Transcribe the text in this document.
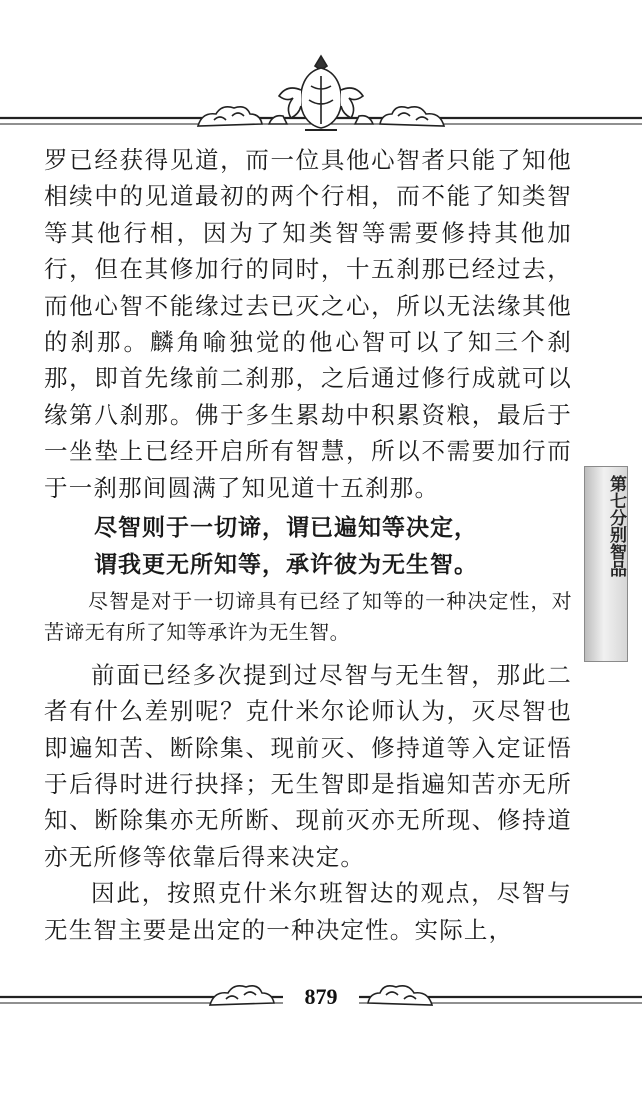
罗已经获得见道，而一位具他心智者只能了知他相续中的见道最初的两个行相，而不能了知类智等其他行相，因为了知类智等需要修持其他加行，但在其修加行的同时，十五刹那已经过去，而他心智不能缘过去已灭之心，所以无法缘其他的刹那。麟角喻独觉的他心智可以了知三个刹那，即首先缘前二刹那，之后通过修行成就可以缘第八刹那。佛于多生累劫中积累资粮，最后于一坐垫上已经开启所有智慧，所以不需要加行而于一刹那间圆满了知见道十五刹那。

尽智则于一切谛，谓已遍知等决定，

谓我更无所知等，承许彼为无生智。

尽智是对于一切谛具有已经了知等的一种决定性，对苦谛无有所了知等承许为无生智。

前面已经多次提到过尽智与无生智，那此二者有什么差别呢？克什米尔论师认为，灭尽智也即遍知苦、断除集、现前灭、修持道等入定证悟于后得时进行抉择；无生智即是指遍知苦亦无所知、断除集亦无所断、现前灭亦无所现、修持道亦无所修等依靠后得来决定。

因此，按照克什米尔班智达的观点，尽智与无生智主要是出定的一种决定性。实际上，

第七分别智品
879
